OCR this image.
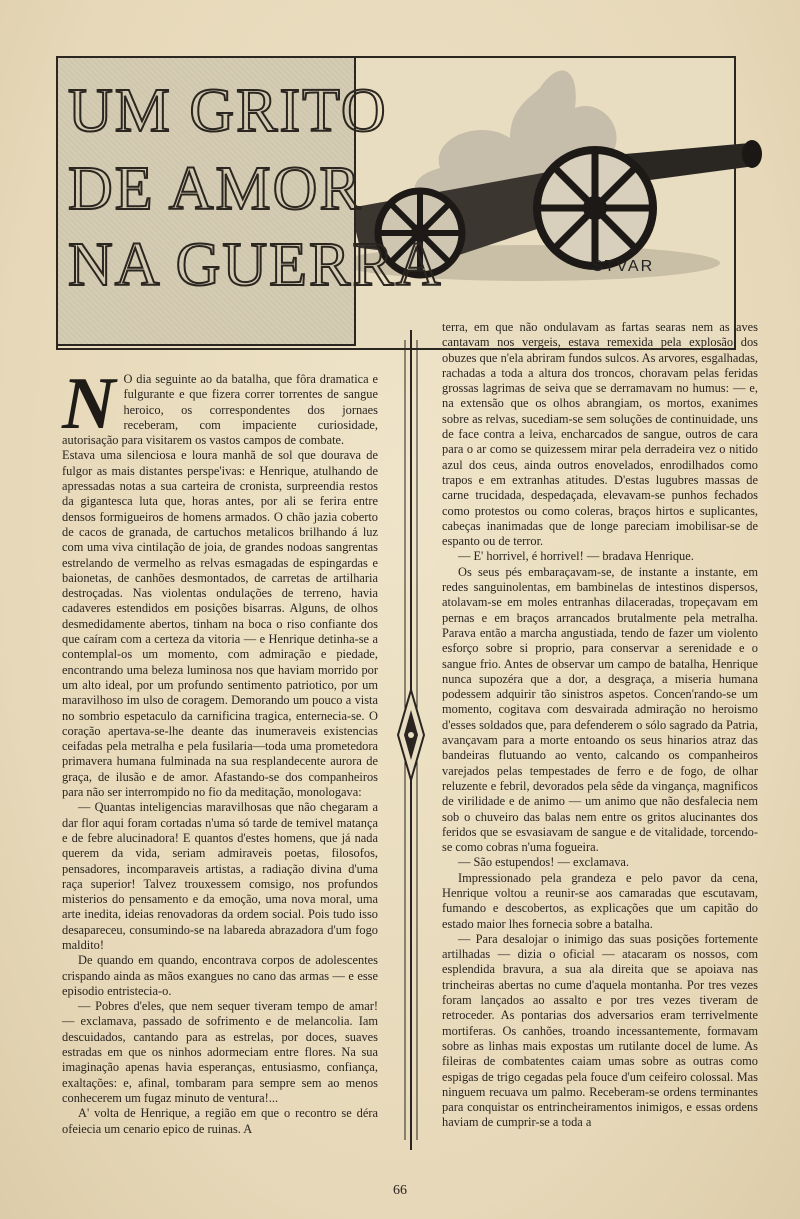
STVAR
UM GRITO
DE AMOR
NA GUERRA

N O dia seguinte ao da batalha, que fôra dramatica e fulgurante e que fizera correr torrentes de sangue heroico, os correspondentes dos jornaes receberam, com impaciente curiosidade, autorisação para visitarem os vastos campos de combate.

Estava uma silenciosa e loura manhã de sol que dourava de fulgor as mais distantes perspe'ivas: e Henrique, atulhando de apressadas notas a sua carteira de cronista, surpreendia restos da gigantesca luta que, horas antes, por ali se ferira entre densos formigueiros de homens armados. O chão jazia coberto de cacos de granada, de cartuchos metalicos brilhando á luz com uma viva cintilação de joia, de grandes nodoas sangrentas estrelando de vermelho as relvas esmagadas de espingardas e baionetas, de canhões desmontados, de carretas de artilharia destroçadas. Nas violentas ondulações de terreno, havia cadaveres estendidos em posições bisarras. Alguns, de olhos desmedidamente abertos, tinham na boca o riso confiante dos que caíram com a certeza da vitoria — e Henrique detinha-se a contemplal-os um momento, com admiração e piedade, encontrando uma beleza luminosa nos que haviam morrido por um alto ideal, por um profundo sentimento patriotico, por um maravilhoso im ulso de coragem. Demorando um pouco a vista no sombrio espetaculo da carnificina tragica, enternecia-se. O coração apertava-se-lhe deante das inumeraveis existencias ceifadas pela metralha e pela fusilaria—toda uma prometedora primavera humana fulminada na sua resplandecente aurora de graça, de ilusão e de amor. Afastando-se dos companheiros para não ser interrompido no fio da meditação, monologava:

— Quantas inteligencias maravilhosas que não chegaram a dar flor aqui foram cortadas n'uma só tarde de temivel matança e de febre alucinadora! E quantos d'estes homens, que já nada querem da vida, seriam admiraveis poetas, filosofos, pensadores, incomparaveis artistas, a radiação divina d'uma raça superior! Talvez trouxessem comsigo, nos profundos misterios do pensamento e da emoção, uma nova moral, uma arte inedita, ideias renovadoras da ordem social. Pois tudo isso desapareceu, consumindo-se na labareda abrazadora d'um fogo maldito!

De quando em quando, encontrava corpos de adolescentes crispando ainda as mãos exangues no cano das armas — e esse episodio entristecia-o.

— Pobres d'eles, que nem sequer tiveram tempo de amar! — exclamava, passado de sofrimento e de melancolia. Iam descuidados, cantando para as estrelas, por doces, suaves estradas em que os ninhos adormeciam entre flores. Na sua imaginação apenas havia esperanças, entusiasmo, confiança, exaltações: e, afinal, tombaram para sempre sem ao menos conhecerem um fugaz minuto de ventura!...

A' volta de Henrique, a região em que o recontro se déra ofeiecia um cenario epico de ruinas. A

terra, em que não ondulavam as fartas searas nem as aves cantavam nos vergeis, estava remexida pela explosão dos obuzes que n'ela abriram fundos sulcos. As arvores, esgalhadas, rachadas a toda a altura dos troncos, choravam pelas feridas grossas lagrimas de seiva que se derramavam no humus: — e, na extensão que os olhos abrangiam, os mortos, exanimes sobre as relvas, sucediam-se sem soluções de continuidade, uns de face contra a leiva, encharcados de sangue, outros de cara para o ar como se quizessem mirar pela derradeira vez o nitido azul dos ceus, ainda outros enovelados, enrodilhados como trapos e em extranhas atitudes. D'estas lugubres massas de carne trucidada, despedaçada, elevavam-se punhos fechados como protestos ou como coleras, braços hirtos e suplicantes, cabeças inanimadas que de longe pareciam imobilisar-se de espanto ou de terror.

— E' horrivel, é horrivel! — bradava Henrique.

Os seus pés embaraçavam-se, de instante a instante, em redes sanguinolentas, em bambinelas de intestinos dispersos, atolavam-se em moles entranhas dilaceradas, tropeçavam em pernas e em braços arrancados brutalmente pela metralha. Parava então a marcha angustiada, tendo de fazer um violento esforço sobre si proprio, para conservar a serenidade e o sangue frio. Antes de observar um campo de batalha, Henrique nunca supozéra que a dor, a desgraça, a miseria humana podessem adquirir tão sinistros aspetos. Concen'rando-se um momento, cogitava com desvairada admiração no heroismo d'esses soldados que, para defenderem o sólo sagrado da Patria, avançavam para a morte entoando os seus hinarios atraz das bandeiras flutuando ao vento, calcando os companheiros varejados pelas tempestades de ferro e de fogo, de olhar reluzente e febril, devorados pela sêde da vingança, magnificos de virilidade e de animo — um animo que não desfalecia nem sob o chuveiro das balas nem entre os gritos alucinantes dos feridos que se esvasiavam de sangue e de vitalidade, torcendo-se como cobras n'uma fogueira.

— São estupendos! — exclamava.

Impressionado pela grandeza e pelo pavor da cena, Henrique voltou a reunir-se aos camaradas que escutavam, fumando e descobertos, as explicações que um capitão do estado maior lhes fornecia sobre a batalha.

— Para desalojar o inimigo das suas posições fortemente artilhadas — dizia o oficial — atacaram os nossos, com esplendida bravura, a sua ala direita que se apoiava nas trincheiras abertas no cume d'aquela montanha. Por tres vezes foram lançados ao assalto e por tres vezes tiveram de retroceder. As pontarias dos adversarios eram terrivelmente mortiferas. Os canhões, troando incessantemente, formavam sobre as linhas mais expostas um rutilante docel de lume. As fileiras de combatentes caiam umas sobre as outras como espigas de trigo cegadas pela fouce d'um ceifeiro colossal. Mas ninguem recuava um palmo. Receberam-se ordens terminantes para conquistar os entrincheiramentos inimigos, e essas ordens haviam de cumprir-se a toda a

66
